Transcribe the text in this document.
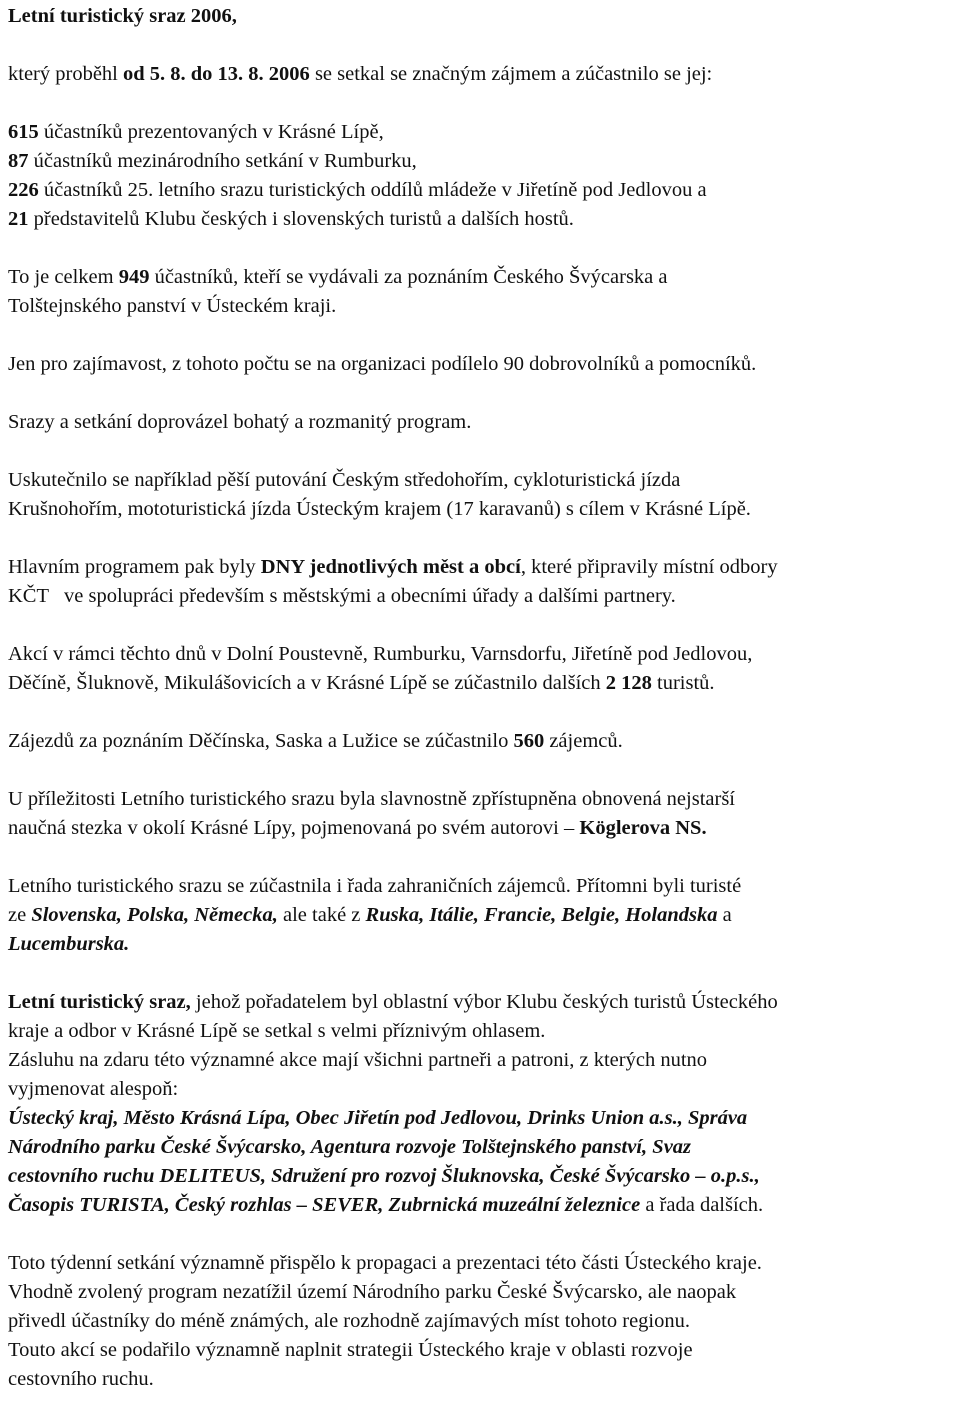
Letní turistický sraz 2006,

který proběhl od 5. 8. do 13. 8. 2006 se setkal se značným zájmem a zúčastnilo se jej:

615 účastníků prezentovaných v Krásné Lípě,

87 účastníků mezinárodního setkání v Rumburku,

226 účastníků 25. letního srazu turistických oddílů mládeže v Jiřetíně pod Jedlovou a

21 představitelů Klubu českých i slovenských turistů a dalších hostů.

To je celkem 949 účastníků, kteří se vydávali za poznáním Českého Švýcarska a

Tolštejnského panství v Ústeckém kraji.

Jen pro zajímavost, z tohoto počtu se na organizaci podílelo 90 dobrovolníků a pomocníků.

Srazy a setkání doprovázel bohatý a rozmanitý program.

Uskutečnilo se například pěší putování Českým středohořím, cykloturistická jízda

Krušnohořím, mototuristická jízda Ústeckým krajem (17 karavanů) s cílem v Krásné Lípě.

Hlavním programem pak byly DNY jednotlivých měst a obcí, které připravily místní odbory

KČT   ve spolupráci především s městskými a obecními úřady a dalšími partnery.

Akcí v rámci těchto dnů v Dolní Poustevně, Rumburku, Varnsdorfu, Jiřetíně pod Jedlovou,

Děčíně, Šluknově, Mikulášovicích a v Krásné Lípě se zúčastnilo dalších 2 128 turistů.

Zájezdů za poznáním Děčínska, Saska a Lužice se zúčastnilo 560 zájemců.

U příležitosti Letního turistického srazu byla slavnostně zpřístupněna obnovená nejstarší

naučná stezka v okolí Krásné Lípy, pojmenovaná po svém autorovi – Köglerova NS.

Letního turistického srazu se zúčastnila i řada zahraničních zájemců. Přítomni byli turisté

ze Slovenska, Polska, Německa, ale také z Ruska, Itálie, Francie, Belgie, Holandska a

Lucemburska.

Letní turistický sraz, jehož pořadatelem byl oblastní výbor Klubu českých turistů Ústeckého

kraje a odbor v Krásné Lípě se setkal s velmi příznivým ohlasem.

Zásluhu na zdaru této významné akce mají všichni partneři a patroni, z kterých nutno

vyjmenovat alespoň:

Ústecký kraj, Město Krásná Lípa, Obec Jiřetín pod Jedlovou, Drinks Union a.s., Správa

Národního parku České Švýcarsko, Agentura rozvoje Tolštejnského panství, Svaz

cestovního ruchu DELITEUS, Sdružení pro rozvoj Šluknovska, České Švýcarsko – o.p.s.,

Časopis TURISTA, Český rozhlas – SEVER, Zubrnická muzeální železnice a řada dalších.

Toto týdenní setkání významně přispělo k propagaci a prezentaci této části Ústeckého kraje.

Vhodně zvolený program nezatížil území Národního parku České Švýcarsko, ale naopak

přivedl účastníky do méně známých, ale rozhodně zajímavých míst tohoto regionu.

Touto akcí se podařilo významně naplnit strategii Ústeckého kraje v oblasti rozvoje

cestovního ruchu.
